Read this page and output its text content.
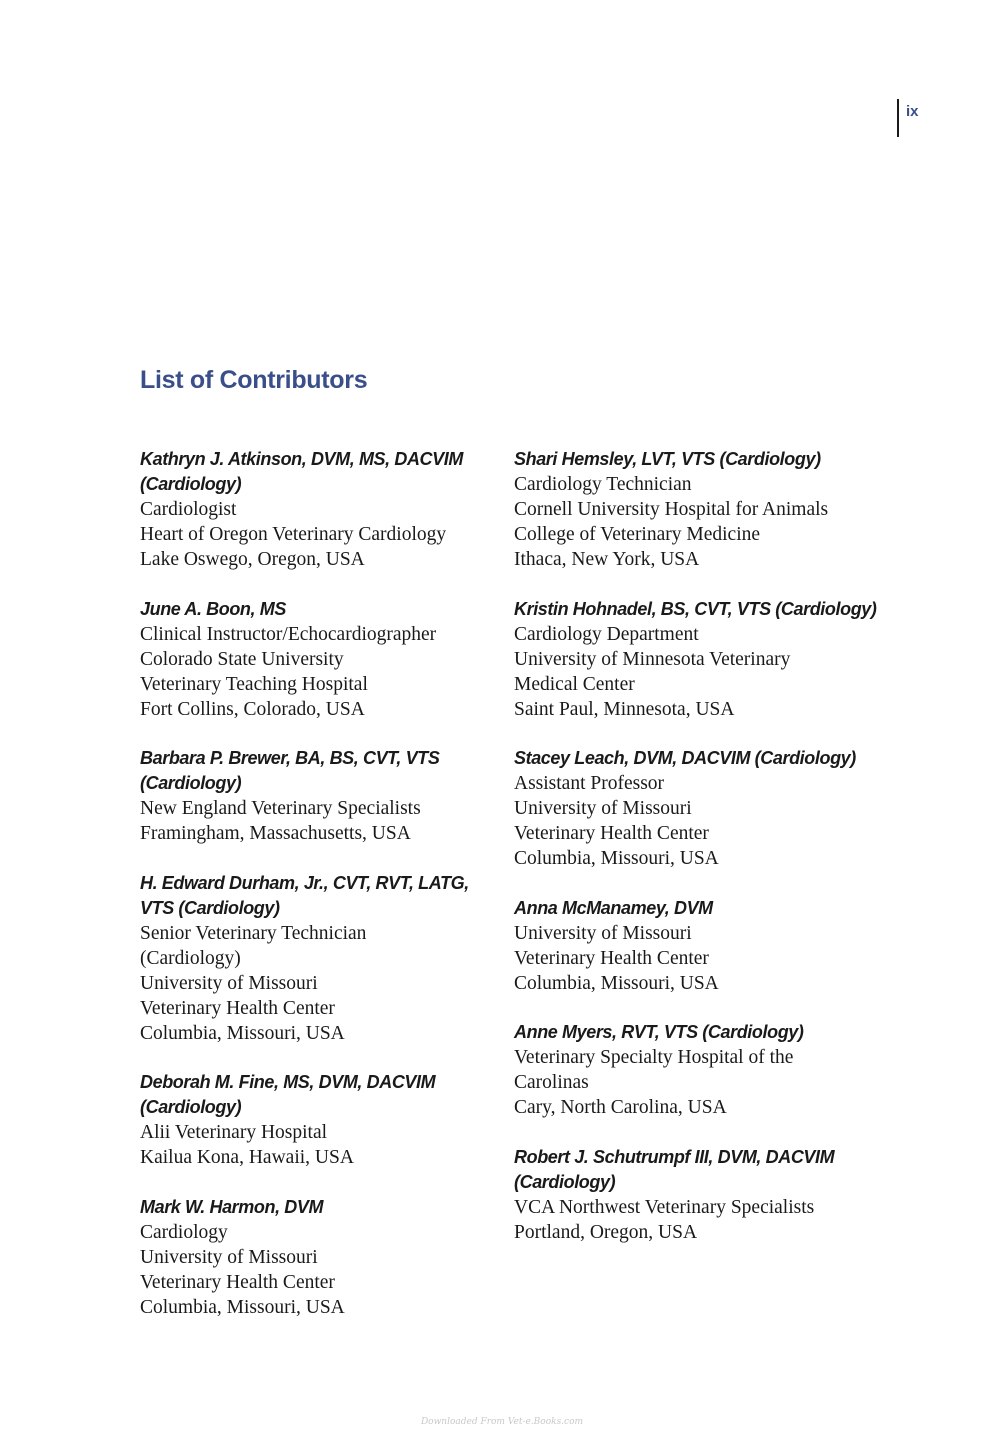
ix
List of Contributors
Kathryn J. Atkinson, DVM, MS, DACVIM
(Cardiology)
Cardiologist
Heart of Oregon Veterinary Cardiology
Lake Oswego, Oregon, USA
June A. Boon, MS
Clinical Instructor/Echocardiographer
Colorado State University
Veterinary Teaching Hospital
Fort Collins, Colorado, USA
Barbara P. Brewer, BA, BS, CVT, VTS
(Cardiology)
New England Veterinary Specialists
Framingham, Massachusetts, USA
H. Edward Durham, Jr., CVT, RVT, LATG,
VTS (Cardiology)
Senior Veterinary Technician
(Cardiology)
University of Missouri
Veterinary Health Center
Columbia, Missouri, USA
Deborah M. Fine, MS, DVM, DACVIM
(Cardiology)
Alii Veterinary Hospital
Kailua Kona, Hawaii, USA
Mark W. Harmon, DVM
Cardiology
University of Missouri
Veterinary Health Center
Columbia, Missouri, USA
Shari Hemsley, LVT, VTS (Cardiology)
Cardiology Technician
Cornell University Hospital for Animals
College of Veterinary Medicine
Ithaca, New York, USA
Kristin Hohnadel, BS, CVT, VTS (Cardiology)
Cardiology Department
University of Minnesota Veterinary
Medical Center
Saint Paul, Minnesota, USA
Stacey Leach, DVM, DACVIM (Cardiology)
Assistant Professor
University of Missouri
Veterinary Health Center
Columbia, Missouri, USA
Anna McManamey, DVM
University of Missouri
Veterinary Health Center
Columbia, Missouri, USA
Anne Myers, RVT, VTS (Cardiology)
Veterinary Specialty Hospital of the
Carolinas
Cary, North Carolina, USA
Robert J. Schutrumpf III, DVM, DACVIM
(Cardiology)
VCA Northwest Veterinary Specialists
Portland, Oregon, USA
Downloaded From Vet-e.Books.com
